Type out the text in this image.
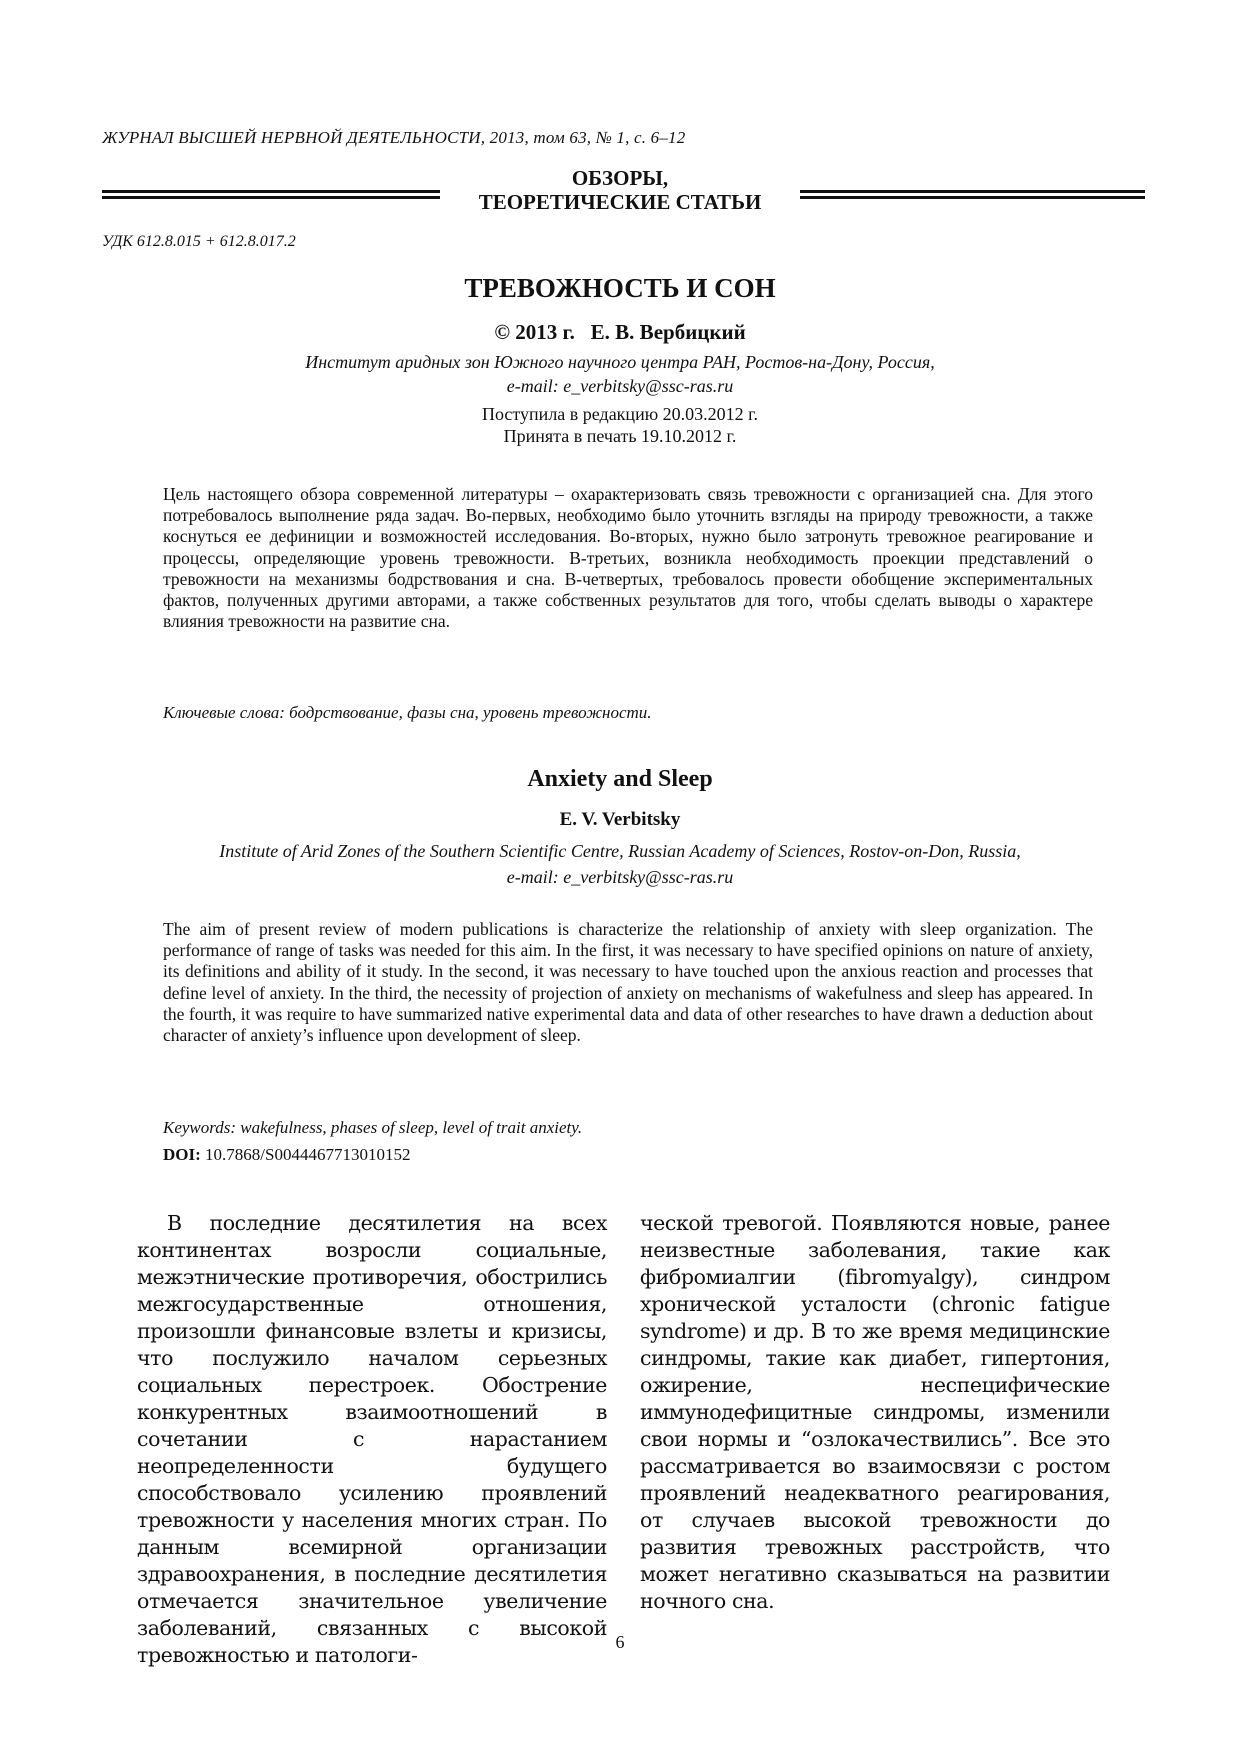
ЖУРНАЛ ВЫСШЕЙ НЕРВНОЙ ДЕЯТЕЛЬНОСТИ, 2013, том 63, № 1, с. 6–12
ОБЗОРЫ,
ТЕОРЕТИЧЕСКИЕ СТАТЬИ
УДК 612.8.015 + 612.8.017.2
ТРЕВОЖНОСТЬ И СОН
© 2013 г.   Е. В. Вербицкий
Институт аридных зон Южного научного центра РАН, Ростов-на-Дону, Россия,
e-mail: e_verbitsky@ssc-ras.ru
Поступила в редакцию 20.03.2012 г.
Принята в печать 19.10.2012 г.
Цель настоящего обзора современной литературы – охарактеризовать связь тревожности с организацией сна. Для этого потребовалось выполнение ряда задач. Во-первых, необходимо было уточнить взгляды на природу тревожности, а также коснуться ее дефиниции и возможностей исследования. Во-вторых, нужно было затронуть тревожное реагирование и процессы, определяющие уровень тревожности. В-третьих, возникла необходимость проекции представлений о тревожности на механизмы бодрствования и сна. В-четвертых, требовалось провести обобщение экспериментальных фактов, полученных другими авторами, а также собственных результатов для того, чтобы сделать выводы о характере влияния тревожности на развитие сна.
Ключевые слова: бодрствование, фазы сна, уровень тревожности.
Anxiety and Sleep
E. V. Verbitsky
Institute of Arid Zones of the Southern Scientific Centre, Russian Academy of Sciences, Rostov-on-Don, Russia,
e-mail: e_verbitsky@ssc-ras.ru
The aim of present review of modern publications is characterize the relationship of anxiety with sleep organization. The performance of range of tasks was needed for this aim. In the first, it was necessary to have specified opinions on nature of anxiety, its definitions and ability of it study. In the second, it was necessary to have touched upon the anxious reaction and processes that define level of anxiety. In the third, the necessity of projection of anxiety on mechanisms of wakefulness and sleep has appeared. In the fourth, it was require to have summarized native experimental data and data of other researches to have drawn a deduction about character of anxiety’s influence upon development of sleep.
Keywords: wakefulness, phases of sleep, level of trait anxiety.
DOI: 10.7868/S0044467713010152

В последние десятилетия на всех континентах возросли социальные, межэтнические противоречия, обострились межгосударственные отношения, произошли финансовые взлеты и кризисы, что послужило началом серьезных социальных перестроек. Обострение конкурентных взаимоотношений в сочетании с нарастанием неопределенности будущего способствовало усилению проявлений тревожности у населения многих стран. По данным всемирной организации здравоохранения, в последние десятилетия отмечается значительное увеличение заболеваний, связанных с высокой тревожностью и патологи-

ческой тревогой. Появляются новые, ранее неизвестные заболевания, такие как фибромиалгии (fibromyalgy), синдром хронической усталости (chronic fatigue syndrome) и др. В то же время медицинские синдромы, такие как диабет, гипертония, ожирение, неспецифические иммунодефицитные синдромы, изменили свои нормы и “озлокачествились”. Все это рассматривается во взаимосвязи с ростом проявлений неадекватного реагирования, от случаев высокой тревожности до развития тревожных расстройств, что может негативно сказываться на развитии ночного сна.

6
